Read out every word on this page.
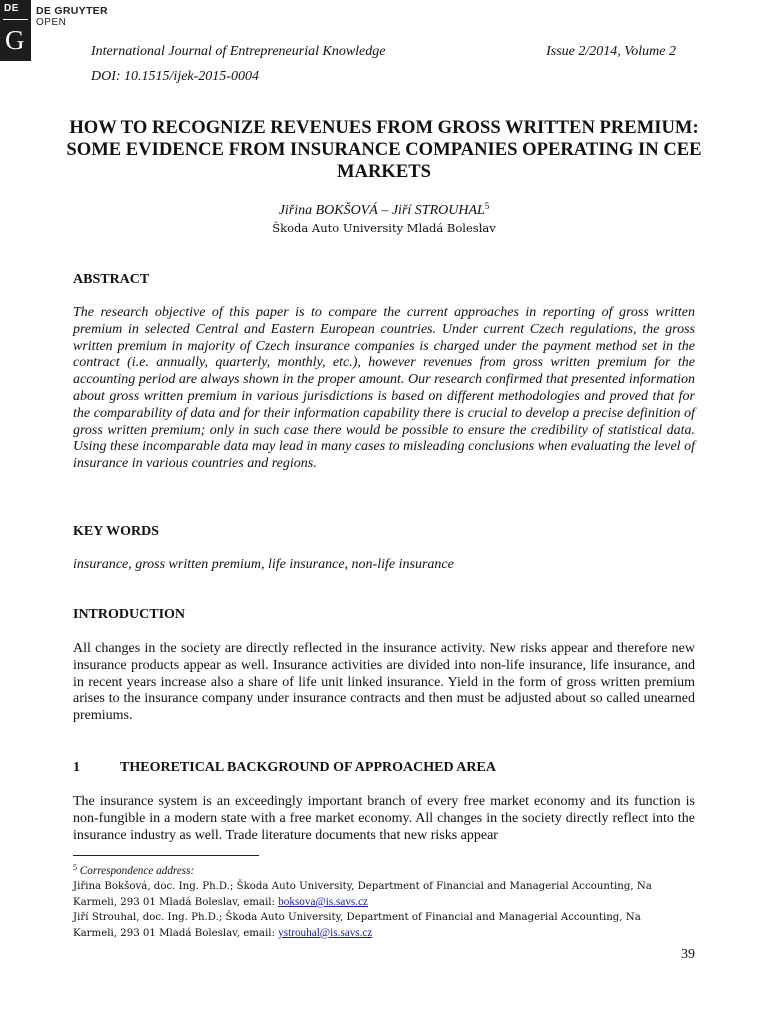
DE
G
DE GRUYTER
OPEN
International Journal of Entrepreneurial Knowledge	Issue 2/2014, Volume 2
DOI: 10.1515/ijek-2015-0004
HOW TO RECOGNIZE REVENUES FROM GROSS WRITTEN PREMIUM: SOME EVIDENCE FROM INSURANCE COMPANIES OPERATING IN CEE MARKETS
Jiřina BOKŠOVÁ – Jiří STROUHAL$^5$
Škoda Auto University Mladá Boleslav
ABSTRACT
The research objective of this paper is to compare the current approaches in reporting of gross written premium in selected Central and Eastern European countries. Under current Czech regulations, the gross written premium in majority of Czech insurance companies is charged under the payment method set in the contract (i.e. annually, quarterly, monthly, etc.), however revenues from gross written premium for the accounting period are always shown in the proper amount. Our research confirmed that presented information about gross written premium in various jurisdictions is based on different methodologies and proved that for the comparability of data and for their information capability there is crucial to develop a precise definition of gross written premium; only in such case there would be possible to ensure the credibility of statistical data. Using these incomparable data may lead in many cases to misleading conclusions when evaluating the level of insurance in various countries and regions.
KEY WORDS
insurance, gross written premium, life insurance, non-life insurance
INTRODUCTION
All changes in the society are directly reflected in the insurance activity. New risks appear and therefore new insurance products appear as well. Insurance activities are divided into non-life insurance, life insurance, and in recent years increase also a share of life unit linked insurance. Yield in the form of gross written premium arises to the insurance company under insurance contracts and then must be adjusted about so called unearned premiums.
1	THEORETICAL BACKGROUND OF APPROACHED AREA
The insurance system is an exceedingly important branch of every free market economy and its function is non-fungible in a modern state with a free market economy. All changes in the society directly reflect into the insurance industry as well. Trade literature documents that new risks appear
$^5$ Correspondence address:
Jiřina Bokšová, doc. Ing. Ph.D.; Škoda Auto University, Department of Financial and Managerial Accounting, Na
Karmeli, 293 01 Mladá Boleslav, email: boksova@is.savs.cz
Jiří Strouhal, doc. Ing. Ph.D.; Škoda Auto University, Department of Financial and Managerial Accounting, Na
Karmeli, 293 01 Mladá Boleslav, email: ystrouhal@is.savs.cz
39
